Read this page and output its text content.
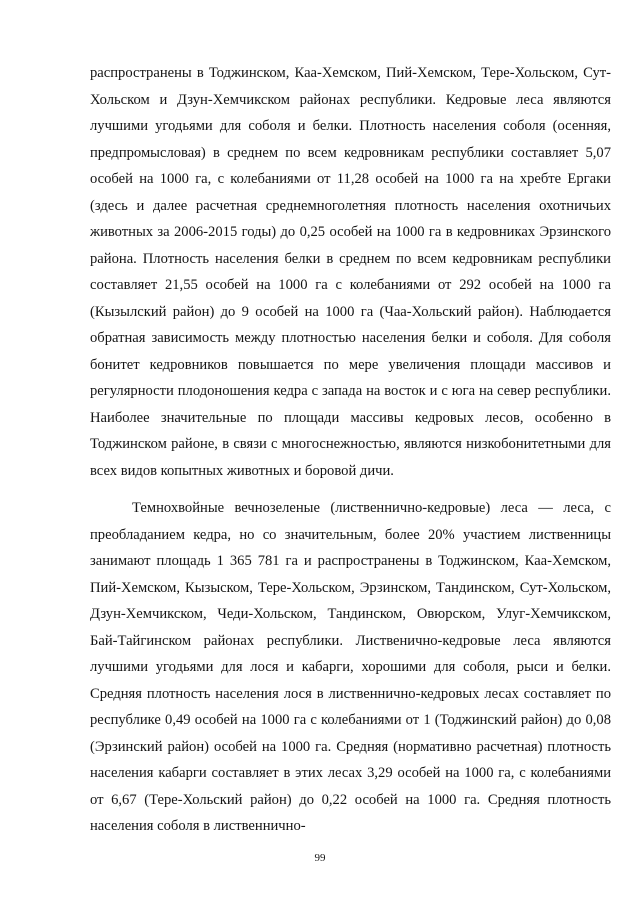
распространены в Тоджинском, Каа-Хемском, Пий-Хемском, Тере-Хольском, Сут-Хольском и Дзун-Хемчикском районах республики. Кедровые леса являются лучшими угодьями для соболя и белки. Плотность населения соболя (осенняя, предпромысловая) в среднем по всем кедровникам республики составляет 5,07 особей на 1000 га, с колебаниями от 11,28 особей на 1000 га на хребте Ергаки (здесь и далее расчетная среднемноголетняя плотность населения охотничьих животных за 2006-2015 годы) до 0,25 особей на 1000 га в кедровниках Эрзинского района. Плотность населения белки в среднем по всем кедровникам республики составляет 21,55 особей на 1000 га с колебаниями от 292 особей на 1000 га (Кызылский район) до 9 особей на 1000 га (Чаа-Хольский район). Наблюдается обратная зависимость между плотностью населения белки и соболя. Для соболя бонитет кедровников повышается по мере увеличения площади массивов и регулярности плодоношения кедра с запада на восток и с юга на север республики. Наиболее значительные по площади массивы кедровых лесов, особенно в Тоджинском районе, в связи с многоснежностью, являются низкобонитетными для всех видов копытных животных и боровой дичи.

Темнохвойные вечнозеленые (лиственнично-кедровые) леса — леса, с преобладанием кедра, но со значительным, более 20% участием лиственницы занимают площадь 1 365 781 га и распространены в Тоджинском, Каа-Хемском, Пий-Хемском, Кызыском, Тере-Хольском, Эрзинском, Тандинском, Сут-Хольском, Дзун-Хемчикском, Чеди-Хольском, Тандинском, Овюрском, Улуг-Хемчикском, Бай-Тайгинском районах республики. Лиственично-кедровые леса являются лучшими угодьями для лося и кабарги, хорошими для соболя, рыси и белки. Средняя плотность населения лося в лиственнично-кедровых лесах составляет по республике 0,49 особей на 1000 га с колебаниями от 1 (Тоджинский район) до 0,08 (Эрзинский район) особей на 1000 га. Средняя (нормативно расчетная) плотность населения кабарги составляет в этих лесах 3,29 особей на 1000 га, с колебаниями от 6,67 (Тере-Хольский район) до 0,22 особей на 1000 га. Средняя плотность населения соболя в лиственнично-

99
